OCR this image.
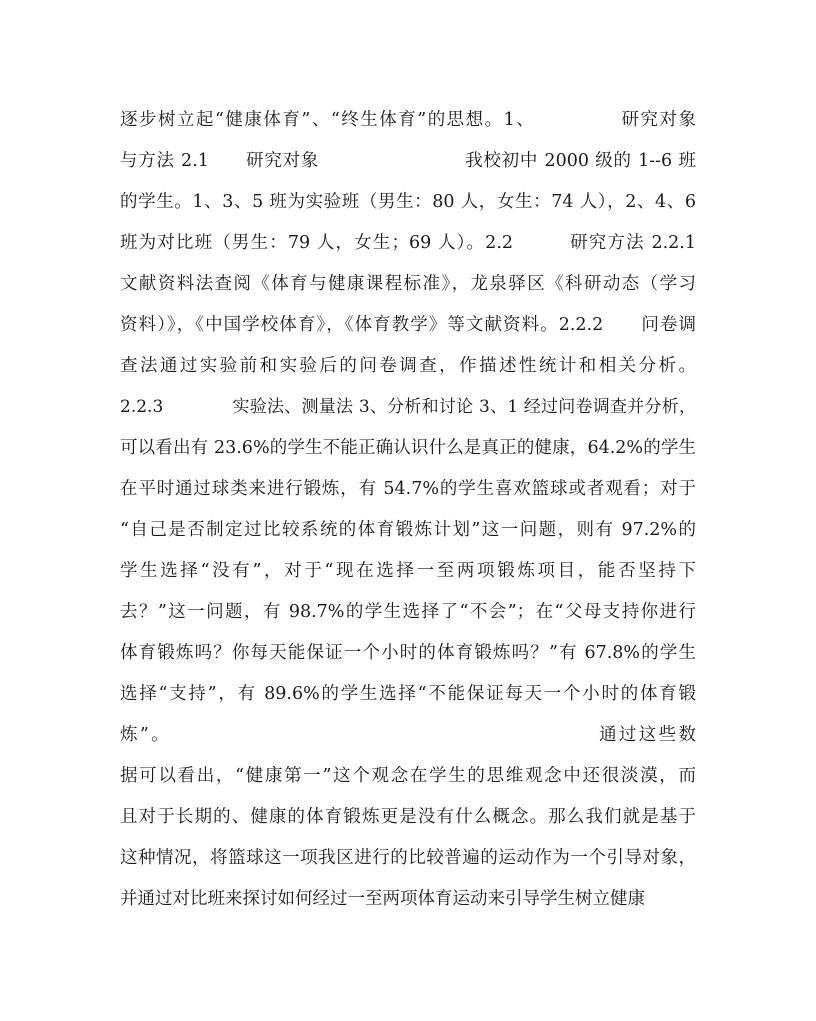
逐步树立起“健康体育”、“终生体育”的思想。1、　　　　　研究对象
与方法 2.1　　研究对象　　　　　　　　我校初中 2000 级的 1--6 班
的学生。1、3、5 班为实验班（男生：80 人，女生：74 人），2、4、6
班为对比班（男生：79 人，女生；69 人）。2.2　　　研究方法 2.2.1
文献资料法查阅《体育与健康课程标准》，龙泉驿区《科研动态（学习
资料）》，《中国学校体育》，《体育教学》等文献资料。2.2.2　　问卷调
查法通过实验前和实验后的问卷调查，作描述性统计和相关分析。
2.2.3　　　　实验法、测量法 3、分析和讨论 3、1 经过问卷调查并分析，
可以看出有 23.6%的学生不能正确认识什么是真正的健康，64.2%的学生
在平时通过球类来进行锻炼，有 54.7%的学生喜欢篮球或者观看；对于
“自己是否制定过比较系统的体育锻炼计划”这一问题，则有 97.2%的
学生选择“没有”，对于“现在选择一至两项锻炼项目，能否坚持下
去？”这一问题，有 98.7%的学生选择了“不会”；在“父母支持你进行
体育锻炼吗？你每天能保证一个小时的体育锻炼吗？”有 67.8%的学生
选择“支持”，有 89.6%的学生选择“不能保证每天一个小时的体育锻
炼”。　　　　　　　　　　　　　　　　　　　　　　通过这些数
据可以看出，“健康第一”这个观念在学生的思维观念中还很淡漠，而
且对于长期的、健康的体育锻炼更是没有什么概念。那么我们就是基于
这种情况，将篮球这一项我区进行的比较普遍的运动作为一个引导对象，
并通过对比班来探讨如何经过一至两项体育运动来引导学生树立健康
